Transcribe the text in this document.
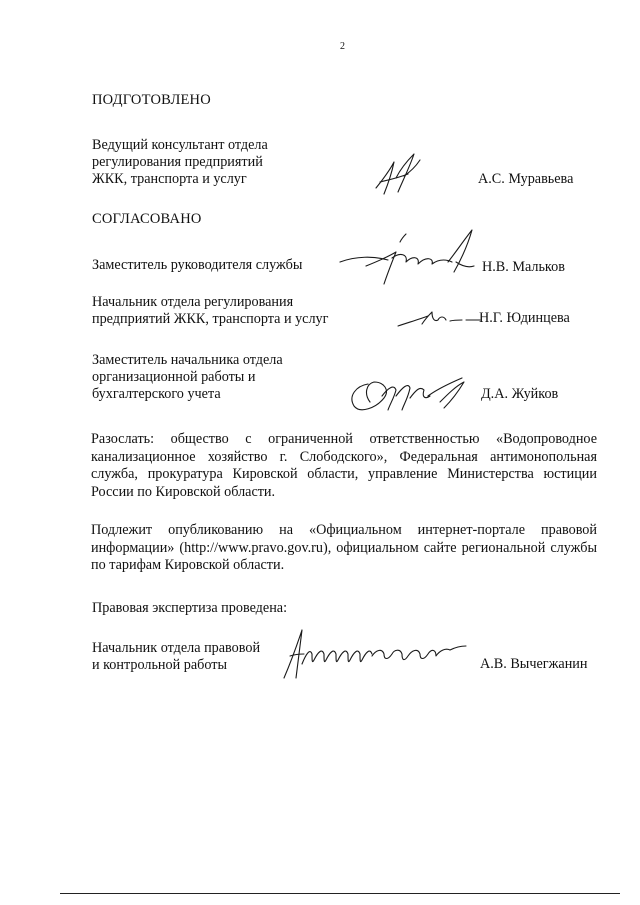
2
ПОДГОТОВЛЕНО
Ведущий консультант отдела
регулирования предприятий
ЖКК, транспорта и услуг	А.С. Муравьева
СОГЛАСОВАНО
Заместитель руководителя службы	Н.В. Мальков
Начальник отдела регулирования
предприятий ЖКК, транспорта и услуг	Н.Г. Юдинцева
Заместитель начальника отдела
организационной работы и
бухгалтерского учета	Д.А. Жуйков
Разослать: общество с ограниченной ответственностью «Водопроводное канализационное хозяйство г. Слободского», Федеральная антимонопольная служба, прокуратура Кировской области, управление Министерства юстиции России по Кировской области.
Подлежит опубликованию на «Официальном интернет-портале правовой информации» (http://www.pravo.gov.ru), официальном сайте региональной службы по тарифам Кировской области.
Правовая экспертиза проведена:
Начальник отдела правовой
и контрольной работы	А.В. Вычегжанин
